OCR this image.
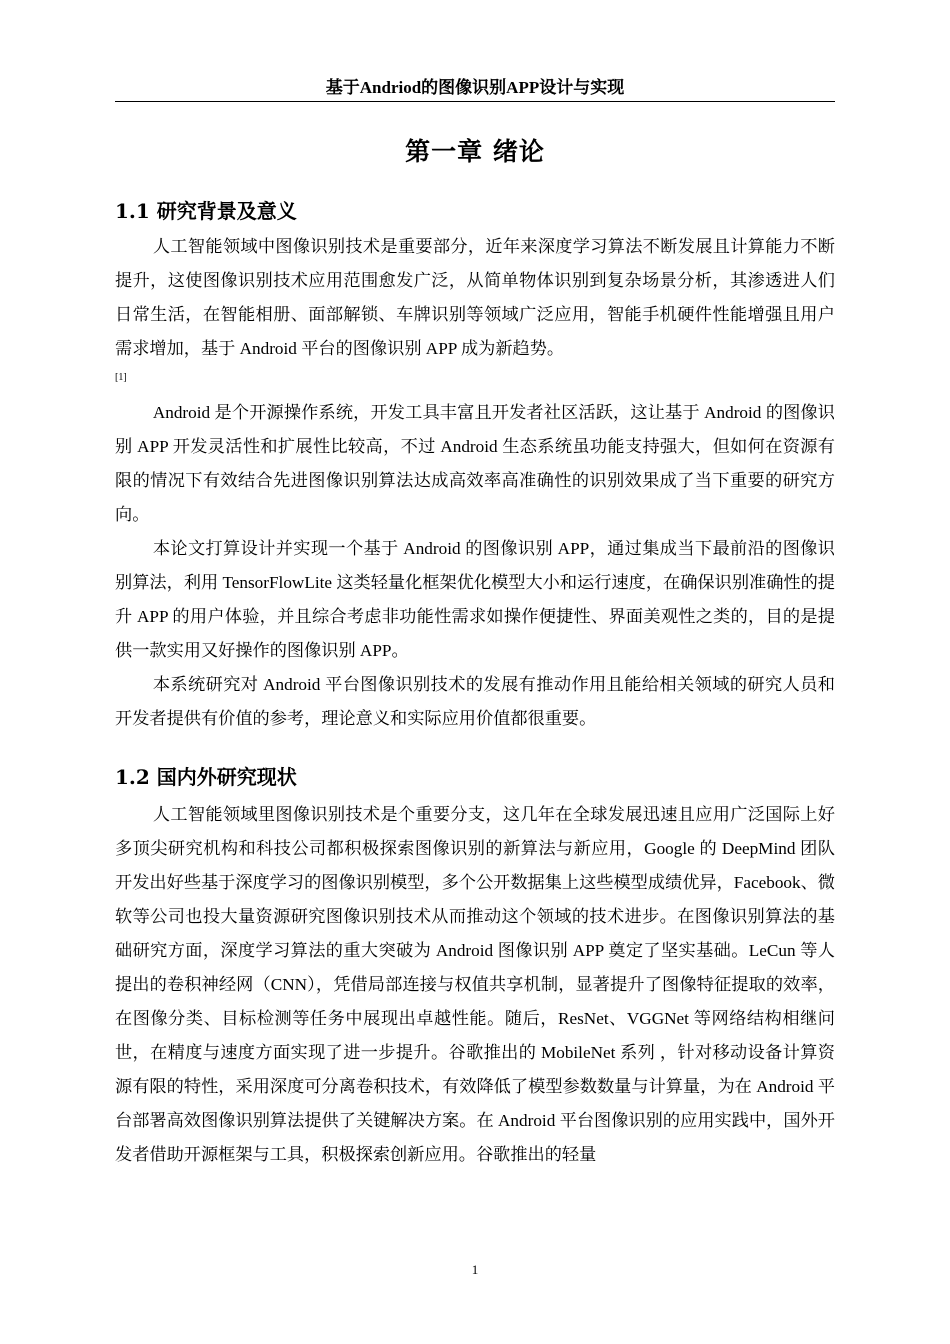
基于Andriod的图像识别APP设计与实现
第一章 绪论
1.1 研究背景及意义

人工智能领域中图像识别技术是重要部分，近年来深度学习算法不断发展且计算能力不断提升，这使图像识别技术应用范围愈发广泛，从简单物体识别到复杂场景分析，其渗透进人们日常生活，在智能相册、面部解锁、车牌识别等领域广泛应用，智能手机硬件性能增强且用户需求增加，基于 Android 平台的图像识别 APP 成为新趋势。

[1]

Android 是个开源操作系统，开发工具丰富且开发者社区活跃，这让基于 Android 的图像识别 APP 开发灵活性和扩展性比较高，不过 Android 生态系统虽功能支持强大，但如何在资源有限的情况下有效结合先进图像识别算法达成高效率高准确性的识别效果成了当下重要的研究方向。

本论文打算设计并实现一个基于 Android 的图像识别 APP，通过集成当下最前沿的图像识别算法，利用 TensorFlowLite 这类轻量化框架优化模型大小和运行速度，在确保识别准确性的提升 APP 的用户体验，并且综合考虑非功能性需求如操作便捷性、界面美观性之类的，目的是提供一款实用又好操作的图像识别 APP。

本系统研究对 Android 平台图像识别技术的发展有推动作用且能给相关领域的研究人员和开发者提供有价值的参考，理论意义和实际应用价值都很重要。

1.2 国内外研究现状

人工智能领域里图像识别技术是个重要分支，这几年在全球发展迅速且应用广泛国际上好多顶尖研究机构和科技公司都积极探索图像识别的新算法与新应用，Google 的 DeepMind 团队开发出好些基于深度学习的图像识别模型，多个公开数据集上这些模型成绩优异，Facebook、微软等公司也投大量资源研究图像识别技术从而推动这个领域的技术进步。在图像识别算法的基础研究方面，深度学习算法的重大突破为 Android 图像识别 APP 奠定了坚实基础。LeCun 等人提出的卷积神经网（CNN），凭借局部连接与权值共享机制，显著提升了图像特征提取的效率，在图像分类、目标检测等任务中展现出卓越性能。随后，ResNet、VGGNet 等网络结构相继问世，在精度与速度方面实现了进一步提升。谷歌推出的 MobileNet 系列 ，针对移动设备计算资源有限的特性，采用深度可分离卷积技术，有效降低了模型参数数量与计算量，为在 Android 平台部署高效图像识别算法提供了关键解决方案。在 Android 平台图像识别的应用实践中，国外开发者借助开源框架与工具，积极探索创新应用。谷歌推出的轻量

1
